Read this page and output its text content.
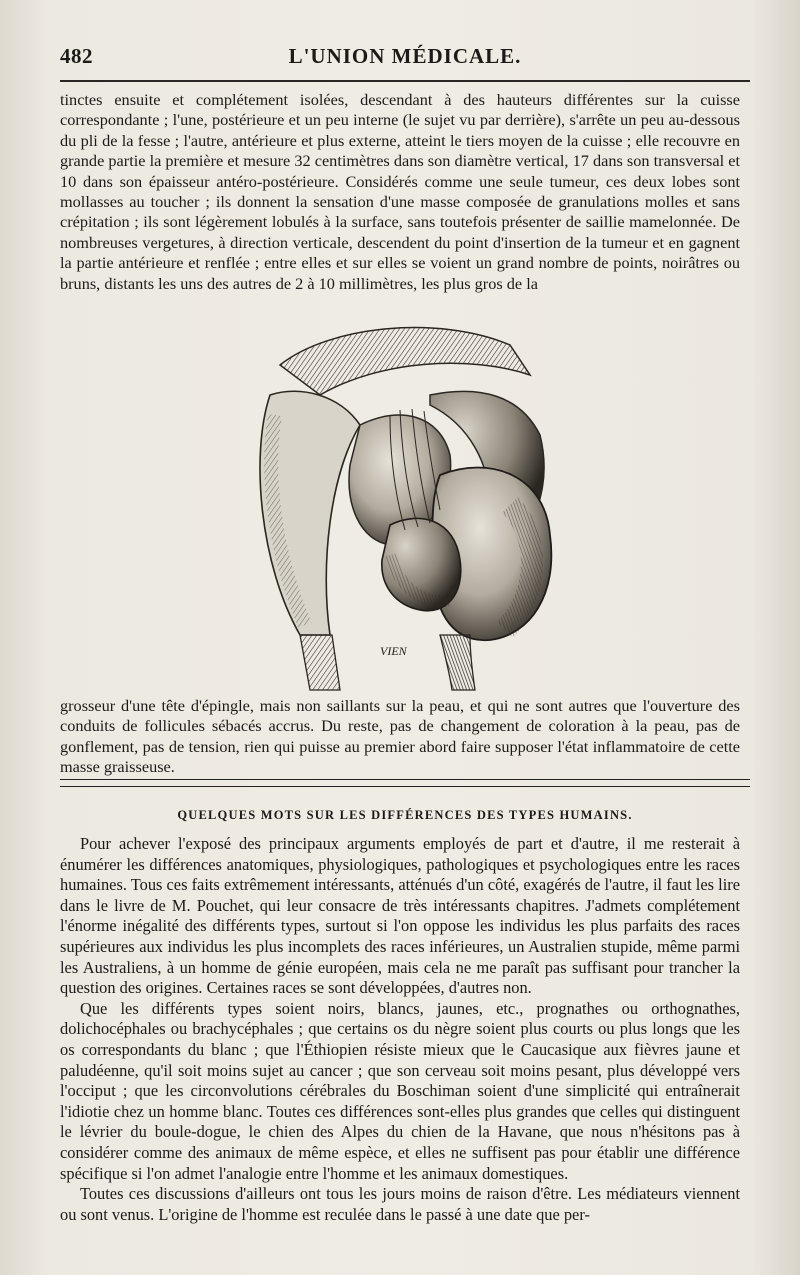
482	L'UNION MÉDICALE.

tinctes ensuite et complétement isolées, descendant à des hauteurs différentes sur la cuisse correspondante ; l'une, postérieure et un peu interne (le sujet vu par derrière), s'arrête un peu au-dessous du pli de la fesse ; l'autre, antérieure et plus externe, atteint le tiers moyen de la cuisse ; elle recouvre en grande partie la première et mesure 32 centimètres dans son diamètre vertical, 17 dans son transversal et 10 dans son épaisseur antéro-postérieure. Considérés comme une seule tumeur, ces deux lobes sont mollasses au toucher ; ils donnent la sensation d'une masse composée de granulations molles et sans crépitation ; ils sont légèrement lobulés à la surface, sans toutefois présenter de saillie mamelonnée. De nombreuses vergetures, à direction verticale, descendent du point d'insertion de la tumeur et en gagnent la partie antérieure et renflée ; entre elles et sur elles se voient un grand nombre de points, noirâtres ou bruns, distants les uns des autres de 2 à 10 millimètres, les plus gros de la

VIEN

grosseur d'une tête d'épingle, mais non saillants sur la peau, et qui ne sont autres que l'ouverture des conduits de follicules sébacés accrus. Du reste, pas de changement de coloration à la peau, pas de gonflement, pas de tension, rien qui puisse au premier abord faire supposer l'état inflammatoire de cette masse graisseuse.

QUELQUES MOTS SUR LES DIFFÉRENCES DES TYPES HUMAINS.

Pour achever l'exposé des principaux arguments employés de part et d'autre, il me resterait à énumérer les différences anatomiques, physiologiques, pathologiques et psychologiques entre les races humaines. Tous ces faits extrêmement intéressants, atténués d'un côté, exagérés de l'autre, il faut les lire dans le livre de M. Pouchet, qui leur consacre de très intéressants chapitres. J'admets complétement l'énorme inégalité des différents types, surtout si l'on oppose les individus les plus parfaits des races supérieures aux individus les plus incomplets des races inférieures, un Australien stupide, même parmi les Australiens, à un homme de génie européen, mais cela ne me paraît pas suffisant pour trancher la question des origines. Certaines races se sont développées, d'autres non.

Que les différents types soient noirs, blancs, jaunes, etc., prognathes ou orthognathes, dolichocéphales ou brachycéphales ; que certains os du nègre soient plus courts ou plus longs que les os correspondants du blanc ; que l'Éthiopien résiste mieux que le Caucasique aux fièvres jaune et paludéenne, qu'il soit moins sujet au cancer ; que son cerveau soit moins pesant, plus développé vers l'occiput ; que les circonvolutions cérébrales du Boschiman soient d'une simplicité qui entraînerait l'idiotie chez un homme blanc. Toutes ces différences sont-elles plus grandes que celles qui distinguent le lévrier du boule-dogue, le chien des Alpes du chien de la Havane, que nous n'hésitons pas à considérer comme des animaux de même espèce, et elles ne suffisent pas pour établir une différence spécifique si l'on admet l'analogie entre l'homme et les animaux domestiques.

Toutes ces discussions d'ailleurs ont tous les jours moins de raison d'être. Les médiateurs viennent ou sont venus. L'origine de l'homme est reculée dans le passé à une date que per-
